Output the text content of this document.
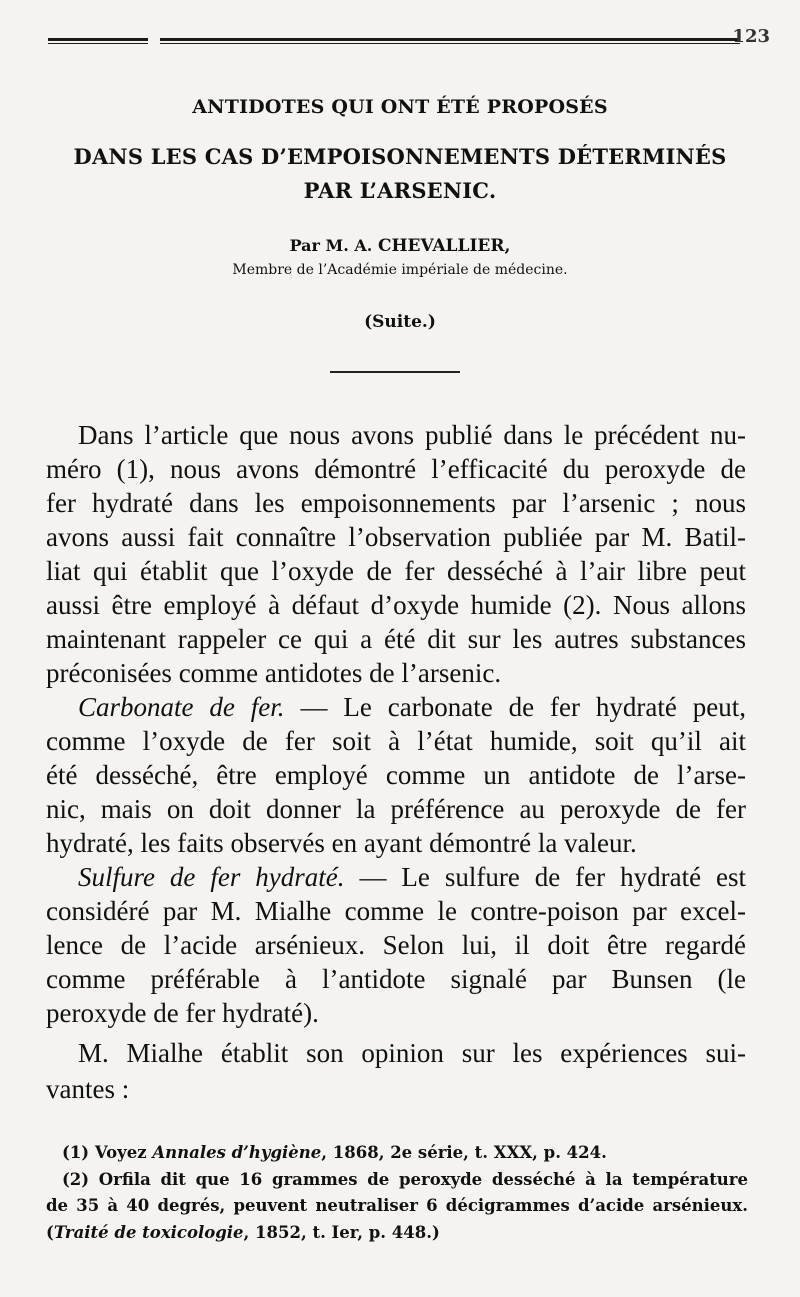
123
ANTIDOTES QUI ONT ÉTÉ PROPOSÉS
DANS LES CAS D’EMPOISONNEMENTS DÉTERMINÉS
PAR L’ARSENIC.
Par M. A. CHEVALLIER,
Membre de l’Académie impériale de médecine.
(Suite.)
Dans l’article que nous avons publié dans le précédent nu-
méro (1), nous avons démontré l’efficacité du peroxyde de
fer hydraté dans les empoisonnements par l’arsenic ; nous
avons aussi fait connaître l’observation publiée par M. Batil-
liat qui établit que l’oxyde de fer desséché à l’air libre peut
aussi être employé à défaut d’oxyde humide (2). Nous allons
maintenant rappeler ce qui a été dit sur les autres substances
préconisées comme antidotes de l’arsenic.
Carbonate de fer. — Le carbonate de fer hydraté peut,
comme l’oxyde de fer soit à l’état humide, soit qu’il ait
été desséché, être employé comme un antidote de l’arse-
nic, mais on doit donner la préférence au peroxyde de fer
hydraté, les faits observés en ayant démontré la valeur.
Sulfure de fer hydraté. — Le sulfure de fer hydraté est
considéré par M. Mialhe comme le contre-poison par excel-
lence de l’acide arsénieux. Selon lui, il doit être regardé
comme préférable à l’antidote signalé par Bunsen (le
peroxyde de fer hydraté).
M. Mialhe établit son opinion sur les expériences sui-
vantes :
(1) Voyez Annales d’hygiène, 1868, 2e série, t. XXX, p. 424.
(2) Orfila dit que 16 grammes de peroxyde desséché à la température
de 35 à 40 degrés, peuvent neutraliser 6 décigrammes d’acide arsénieux.
(Traité de toxicologie, 1852, t. Ier, p. 448.)
